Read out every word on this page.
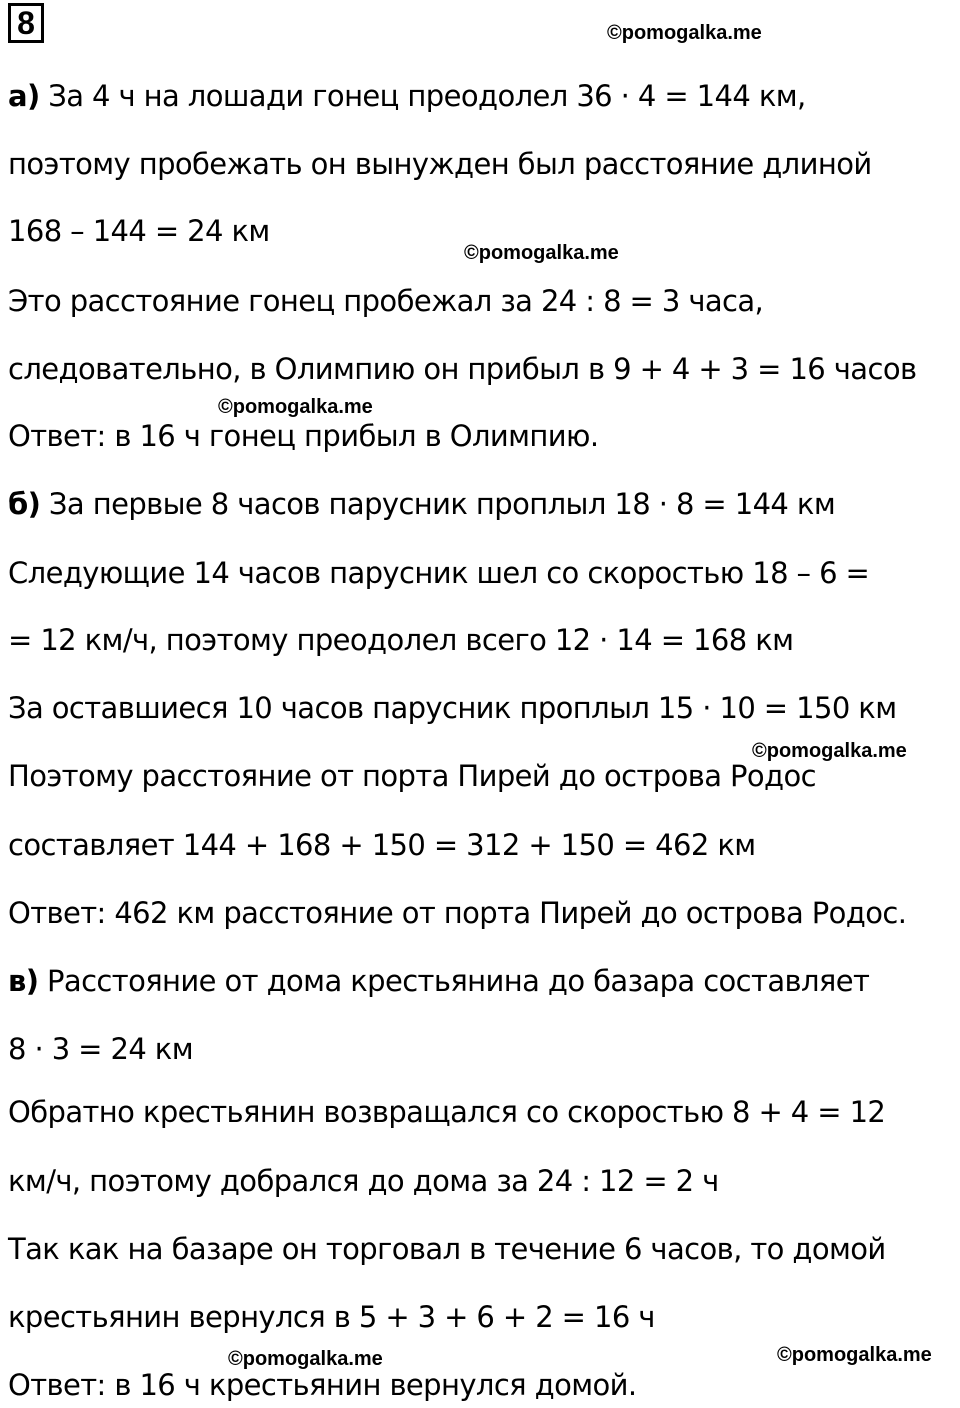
8	©pomogalka.me
©pomogalka.me
©pomogalka.me
©pomogalka.me
©pomogalka.me	©pomogalka.me
а) За 4 ч на лошади гонец преодолел 36 · 4 = 144 км,
поэтому пробежать он вынужден был расстояние длиной
168 – 144 = 24 км
Это расстояние гонец пробежал за 24 : 8 = 3 часа,
следовательно, в Олимпию он прибыл в 9 + 4 + 3 = 16 часов
Ответ: в 16 ч гонец прибыл в Олимпию.
б) За первые 8 часов парусник проплыл 18 · 8 = 144 км
Следующие 14 часов парусник шел со скоростью 18 – 6 =
= 12 км/ч, поэтому преодолел всего 12 · 14 = 168 км
За оставшиеся 10 часов парусник проплыл 15 · 10 = 150 км
Поэтому расстояние от порта Пирей до острова Родос
составляет 144 + 168 + 150 = 312 + 150 = 462 км
Ответ: 462 км расстояние от порта Пирей до острова Родос.
в) Расстояние от дома крестьянина до базара составляет
8 · 3 = 24 км
Обратно крестьянин возвращался со скоростью 8 + 4 = 12
км/ч, поэтому добрался до дома за 24 : 12 = 2 ч
Так как на базаре он торговал в течение 6 часов, то домой
крестьянин вернулся в 5 + 3 + 6 + 2 = 16 ч
Ответ: в 16 ч крестьянин вернулся домой.
